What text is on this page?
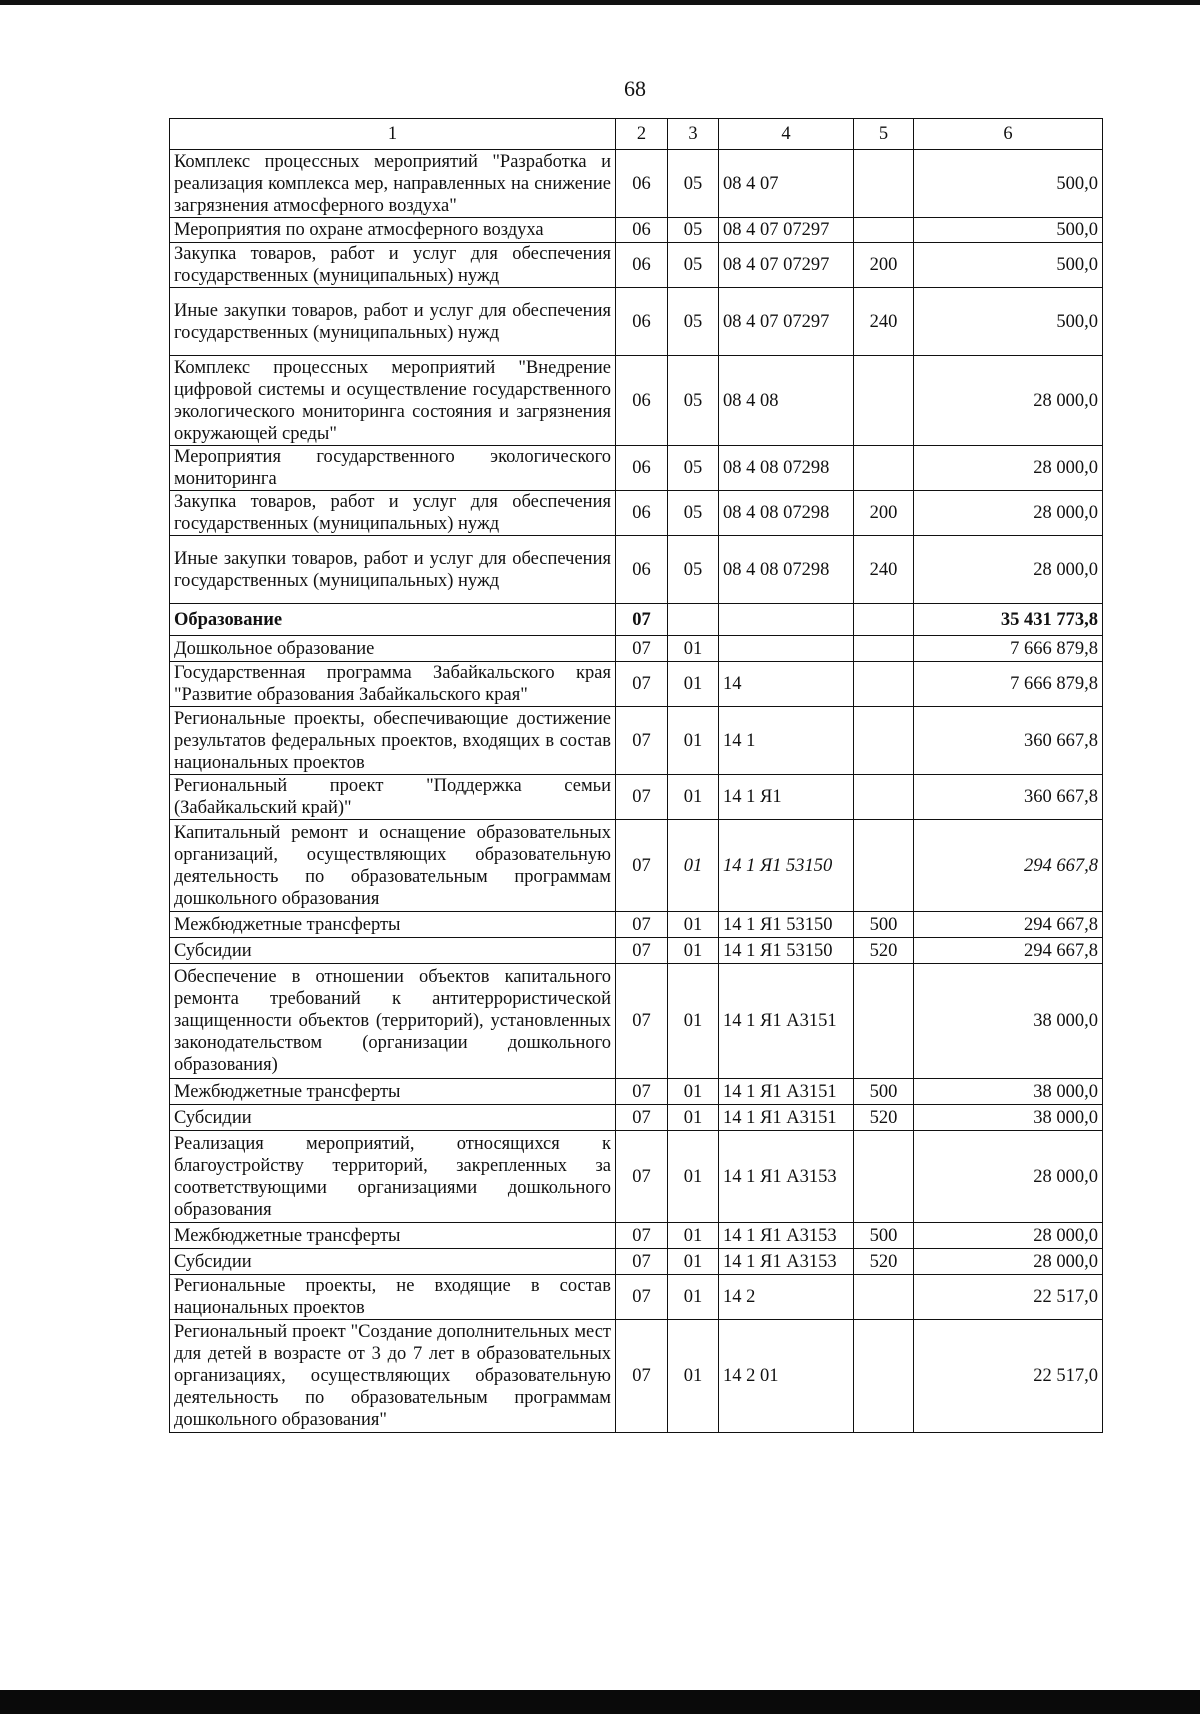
68
1	2	3	4	5	6
Комплекс процессных мероприятий "Разработка и реализация комплекса мер, направленных на снижение загрязнения атмосферного воздуха"	06	05	08 4 07		500,0
Мероприятия по охране атмосферного воздуха	06	05	08 4 07 07297		500,0
Закупка товаров, работ и услуг для обеспечения государственных (муниципальных) нужд	06	05	08 4 07 07297	200	500,0
Иные закупки товаров, работ и услуг для обеспечения государственных (муниципальных) нужд	06	05	08 4 07 07297	240	500,0
Комплекс процессных мероприятий "Внедрение цифровой системы и осуществление государственного экологического мониторинга состояния и загрязнения окружающей среды"	06	05	08 4 08		28 000,0
Мероприятия государственного экологического мониторинга	06	05	08 4 08 07298		28 000,0
Закупка товаров, работ и услуг для обеспечения государственных (муниципальных) нужд	06	05	08 4 08 07298	200	28 000,0
Иные закупки товаров, работ и услуг для обеспечения государственных (муниципальных) нужд	06	05	08 4 08 07298	240	28 000,0
Образование	07				35 431 773,8
Дошкольное образование	07	01			7 666 879,8
Государственная программа Забайкальского края "Развитие образования Забайкальского края"	07	01	14		7 666 879,8
Региональные проекты, обеспечивающие достижение результатов федеральных проектов, входящих в состав национальных проектов	07	01	14 1		360 667,8
Региональный проект "Поддержка семьи (Забайкальский край)"	07	01	14 1 Я1		360 667,8
Капитальный ремонт и оснащение образовательных организаций, осуществляющих образовательную деятельность по образовательным программам дошкольного образования	07	01	14 1 Я1 53150		294 667,8
Межбюджетные трансферты	07	01	14 1 Я1 53150	500	294 667,8
Субсидии	07	01	14 1 Я1 53150	520	294 667,8
Обеспечение в отношении объектов капитального ремонта требований к антитеррористической защищенности объектов (территорий), установленных законодательством (организации дошкольного образования)	07	01	14 1 Я1 А3151		38 000,0
Межбюджетные трансферты	07	01	14 1 Я1 А3151	500	38 000,0
Субсидии	07	01	14 1 Я1 А3151	520	38 000,0
Реализация мероприятий, относящихся к благоустройству территорий, закрепленных за соответствующими организациями дошкольного образования	07	01	14 1 Я1 А3153		28 000,0
Межбюджетные трансферты	07	01	14 1 Я1 А3153	500	28 000,0
Субсидии	07	01	14 1 Я1 А3153	520	28 000,0
Региональные проекты, не входящие в состав национальных проектов	07	01	14 2		22 517,0
Региональный проект "Создание дополнительных мест для детей в возрасте от 3 до 7 лет в образовательных организациях, осуществляющих образовательную деятельность по образовательным программам дошкольного образования"	07	01	14 2 01		22 517,0
